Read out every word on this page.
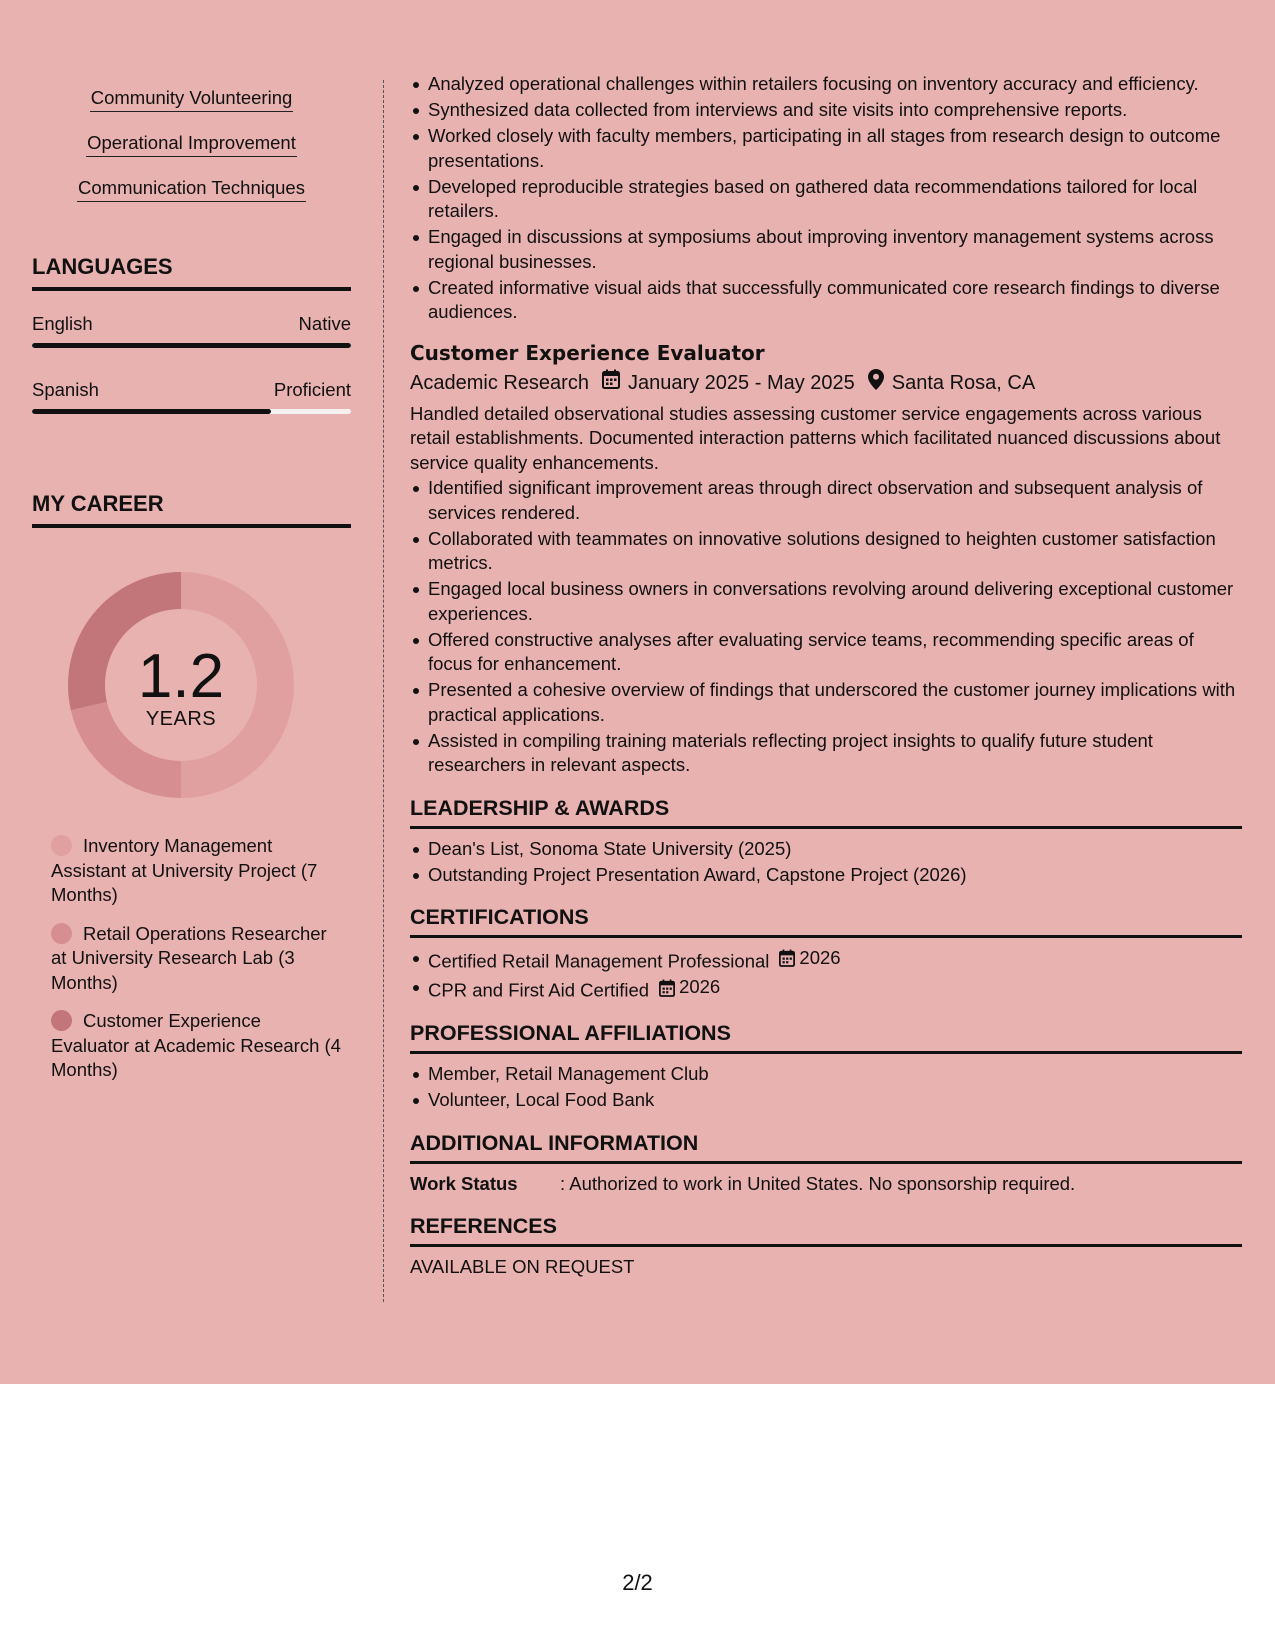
Community Volunteering
Operational Improvement
Communication Techniques
LANGUAGES
English	Native
Spanish	Proficient
MY CAREER
1.2
YEARS
Inventory Management Assistant at University Project (7 Months)
Retail Operations Researcher at University Research Lab (3 Months)
Customer Experience Evaluator at Academic Research (4 Months)
Analyzed operational challenges within retailers focusing on inventory accuracy and efficiency.
Synthesized data collected from interviews and site visits into comprehensive reports.
Worked closely with faculty members, participating in all stages from research design to outcome presentations.
Developed reproducible strategies based on gathered data recommendations tailored for local retailers.
Engaged in discussions at symposiums about improving inventory management systems across regional businesses.
Created informative visual aids that successfully communicated core research findings to diverse audiences.
Customer Experience Evaluator
Academic Research January 2025 - May 2025 Santa Rosa, CA

Handled detailed observational studies assessing customer service engagements across various retail establishments. Documented interaction patterns which facilitated nuanced discussions about service quality enhancements.

Identified significant improvement areas through direct observation and subsequent analysis of services rendered.
Collaborated with teammates on innovative solutions designed to heighten customer satisfaction metrics.
Engaged local business owners in conversations revolving around delivering exceptional customer experiences.
Offered constructive analyses after evaluating service teams, recommending specific areas of focus for enhancement.
Presented a cohesive overview of findings that underscored the customer journey implications with practical applications.
Assisted in compiling training materials reflecting project insights to qualify future student researchers in relevant aspects.
LEADERSHIP & AWARDS
Dean's List, Sonoma State University (2025)
Outstanding Project Presentation Award, Capstone Project (2026)
CERTIFICATIONS
Certified Retail Management Professional 2026
CPR and First Aid Certified 2026
PROFESSIONAL AFFILIATIONS
Member, Retail Management Club
Volunteer, Local Food Bank
ADDITIONAL INFORMATION
Work Status	: Authorized to work in United States. No sponsorship required.
REFERENCES
AVAILABLE ON REQUEST
2/2
